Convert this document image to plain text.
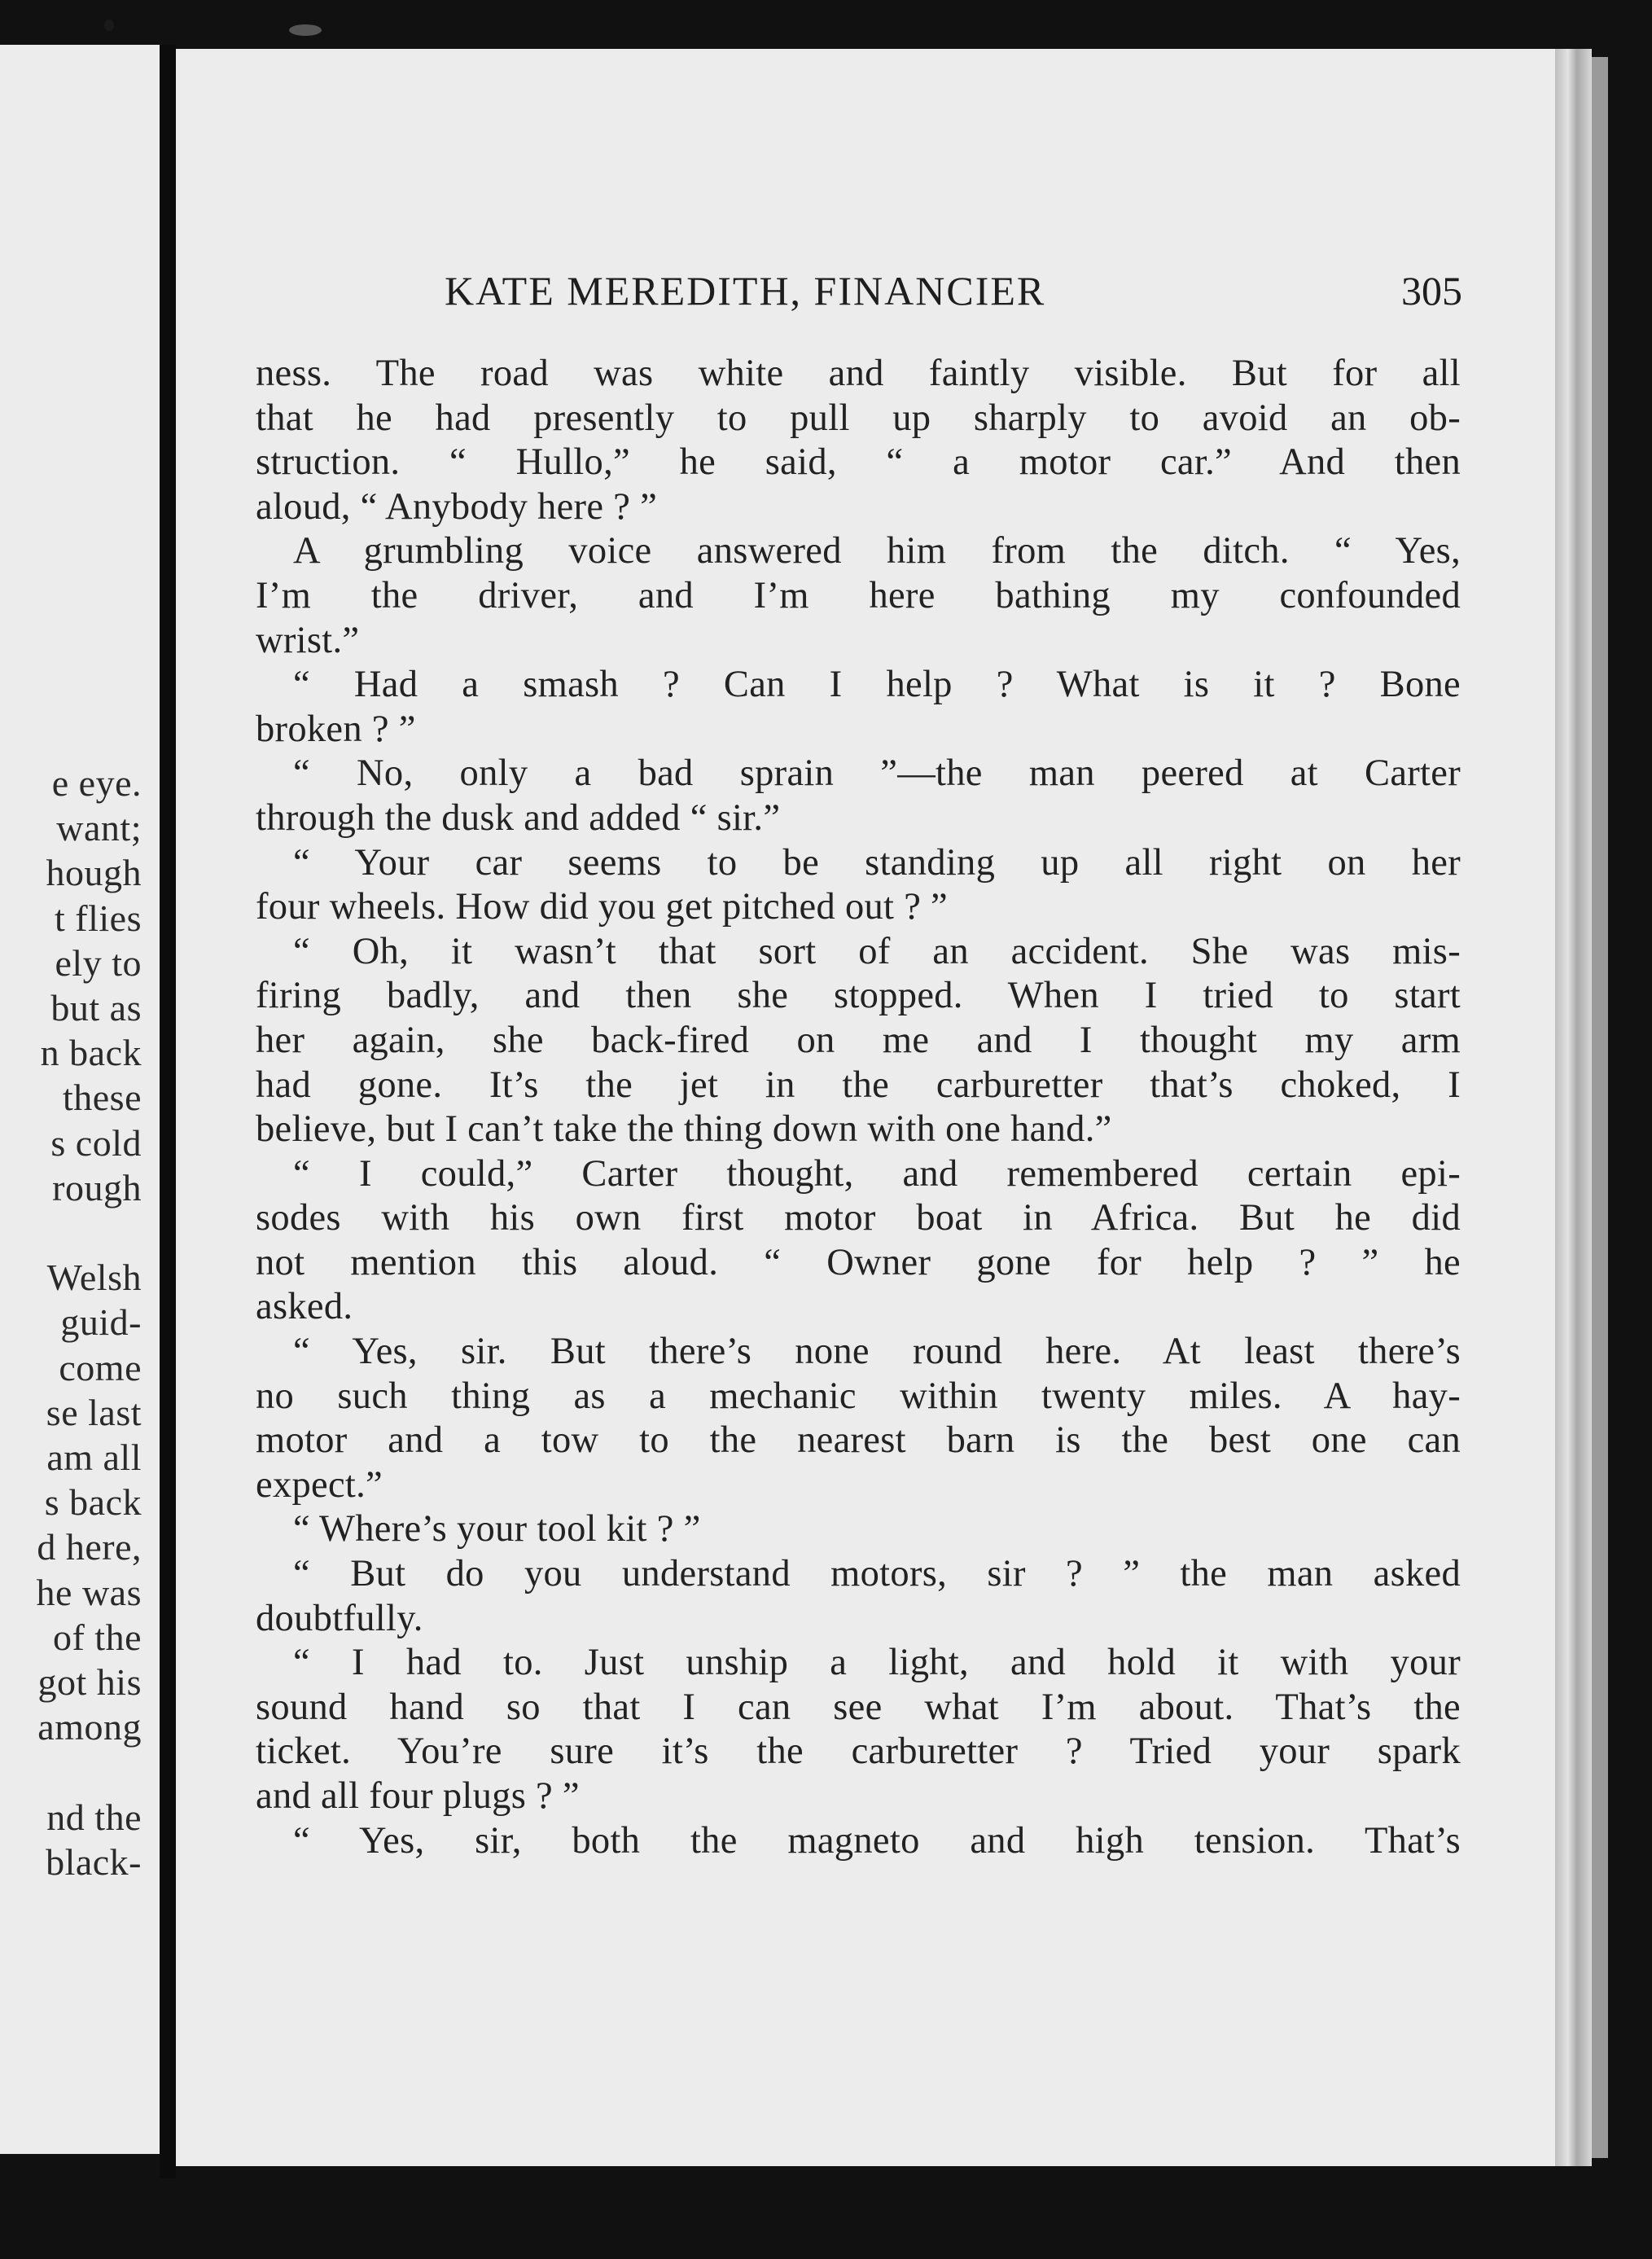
e eye.
want;
hough
t flies
ely to
but as
n back
these
s cold
rough
Welsh
guid-
come
se last
am all
s back
d here,
he was
of the
got his
among
nd the
black-
KATE MEREDITH, FINANCIER	305
ness. The road was white and faintly visible. But for all
that he had presently to pull up sharply to avoid an ob-
struction. “ Hullo,” he said, “ a motor car.” And then
aloud, “ Anybody here ? ”
A grumbling voice answered him from the ditch. “ Yes,
I’m the driver, and I’m here bathing my confounded
wrist.”
“ Had a smash ? Can I help ? What is it ? Bone
broken ? ”
“ No, only a bad sprain ”—the man peered at Carter
through the dusk and added “ sir.”
“ Your car seems to be standing up all right on her
four wheels. How did you get pitched out ? ”
“ Oh, it wasn’t that sort of an accident. She was mis-
firing badly, and then she stopped. When I tried to start
her again, she back-fired on me and I thought my arm
had gone. It’s the jet in the carburetter that’s choked, I
believe, but I can’t take the thing down with one hand.”
“ I could,” Carter thought, and remembered certain epi-
sodes with his own first motor boat in Africa. But he did
not mention this aloud. “ Owner gone for help ? ” he
asked.
“ Yes, sir. But there’s none round here. At least there’s
no such thing as a mechanic within twenty miles. A hay-
motor and a tow to the nearest barn is the best one can
expect.”
“ Where’s your tool kit ? ”
“ But do you understand motors, sir ? ” the man asked
doubtfully.
“ I had to. Just unship a light, and hold it with your
sound hand so that I can see what I’m about. That’s the
ticket. You’re sure it’s the carburetter ? Tried your spark
and all four plugs ? ”
“ Yes, sir, both the magneto and high tension. That’s
